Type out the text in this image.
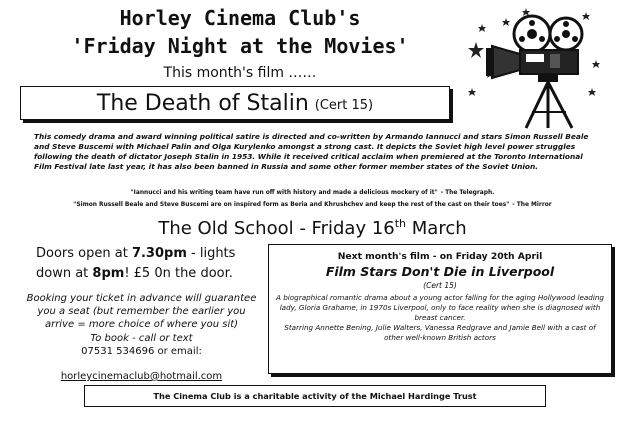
Horley Cinema Club's
'Friday Night at the Movies'
This month's film ……
The Death of Stalin (Cert 15)
This comedy drama and award winning political satire is directed and co-written by Armando Iannucci and stars Simon Russell Beale and Steve Buscemi with Michael Palin and Olga Kurylenko amongst a strong cast. It depicts the Soviet high level power struggles following the death of dictator Joseph Stalin in 1953. While it received critical acclaim when premiered at the Toronto International Film Festival late last year, it has also been banned in Russia and some other former member states of the Soviet Union.
"Iannucci and his writing team have run off with history and made a delicious mockery of it" - The Telegraph.
"Simon Russell Beale and Steve Buscemi are on inspired form as Beria and Khrushchev and keep the rest of the cast on their toes" - The Mirror
The Old School - Friday 16th March
Doors open at 7.30pm - lights down at 8pm! £5 0n the door.
Booking your ticket in advance will guarantee you a seat (but remember the earlier you arrive = more choice of where you sit)
To book - call or text
07531 534696 or email:
horleycinemaclub@hotmail.com
Next month's film - on Friday 20th April
Film Stars Don't Die in Liverpool
(Cert 15)
A biographical romantic drama about a young actor falling for the aging Hollywood leading lady, Gloria Grahame, in 1970s Liverpool, only to face reality when she is diagnosed with breast cancer.
Starring Annette Bening, Julie Walters, Vanessa Redgrave and Jamie Bell with a cast of other well-known British actors
The Cinema Club is a charitable activity of the Michael Hardinge Trust
